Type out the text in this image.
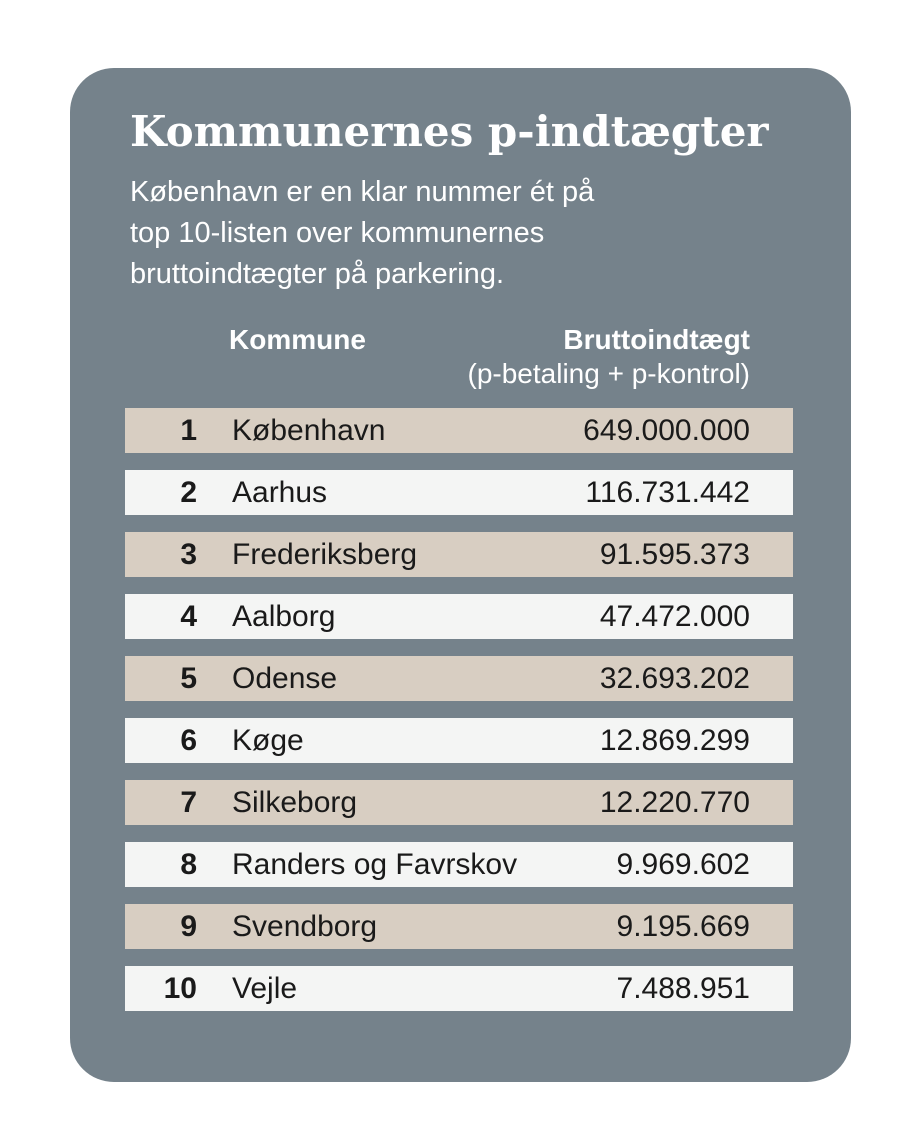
Kommunernes p-indtægter

København er en klar nummer ét på
top 10-listen over kommunernes
bruttoindtægter på parkering.

Kommune	Bruttoindtægt
(p-betaling + p-kontrol)
1 København	649.000.000
2 Aarhus	116.731.442
3 Frederiksberg	91.595.373
4 Aalborg	47.472.000
5 Odense	32.693.202
6 Køge	12.869.299
7 Silkeborg	12.220.770
8 Randers og Favrskov	9.969.602
9 Svendborg	9.195.669
10 Vejle	7.488.951
